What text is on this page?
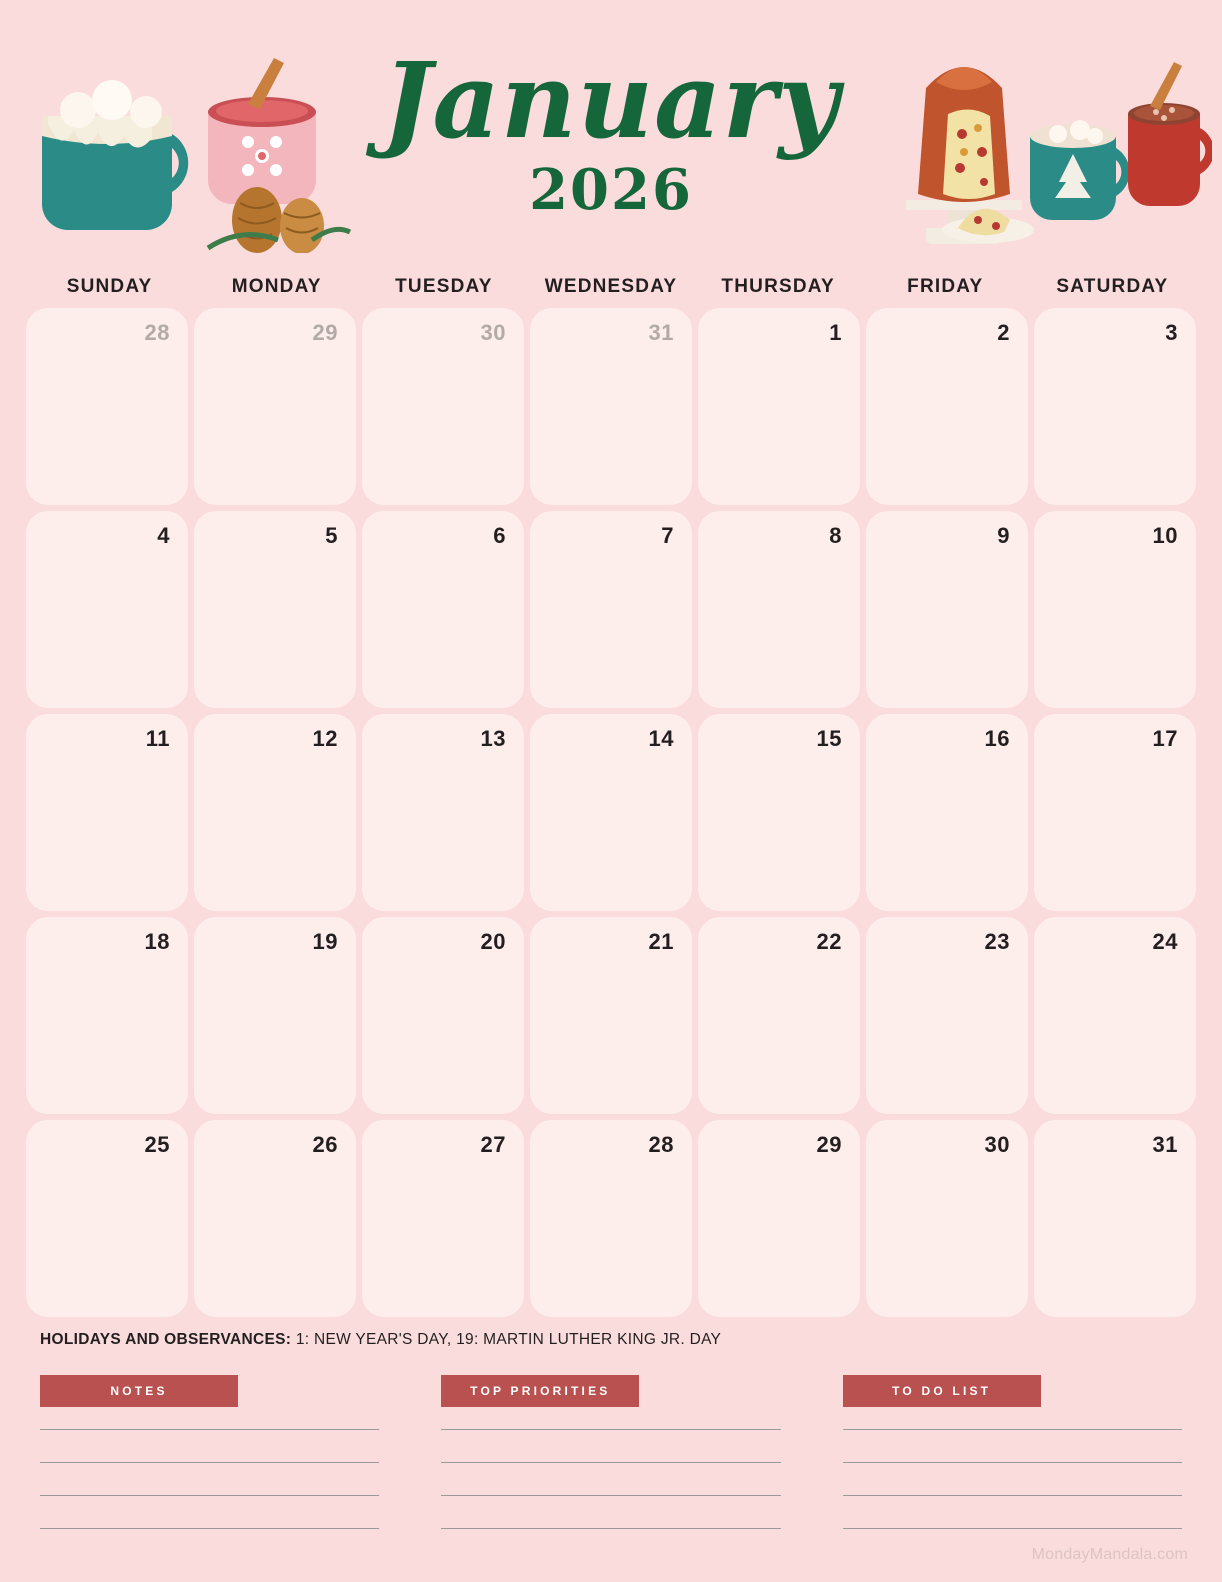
January
2026
SUNDAY	MONDAY	TUESDAY	WEDNESDAY	THURSDAY	FRIDAY	SATURDAY
28	29	30	31	1	2	3
4	5	6	7	8	9	10
11	12	13	14	15	16	17
18	19	20	21	22	23	24
25	26	27	28	29	30	31
HOLIDAYS AND OBSERVANCES: 1: NEW YEAR'S DAY, 19: MARTIN LUTHER KING JR. DAY
NOTES	TOP PRIORITIES	TO DO LIST
MondayMandala.com
